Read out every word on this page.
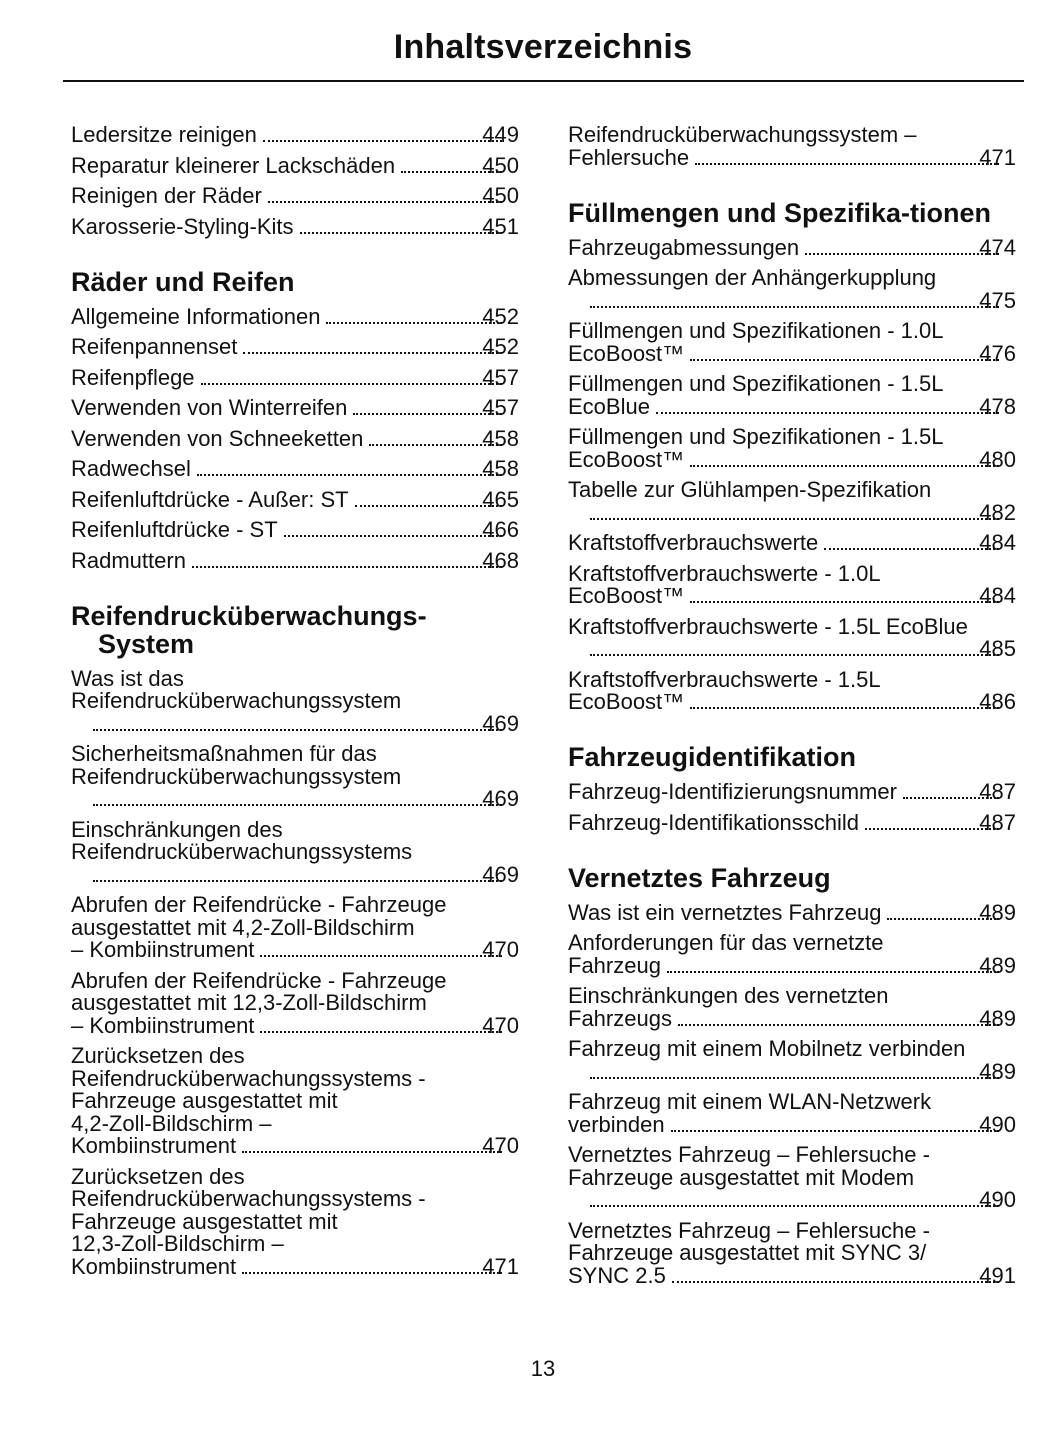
Inhaltsverzeichnis
Ledersitze reinigen	449
Reparatur kleinerer Lackschäden	450
Reinigen der Räder	450
Karosserie-Styling-Kits	451
Räder und Reifen
Allgemeine Informationen	452
Reifenpannenset	452
Reifenpflege	457
Verwenden von Winterreifen	457
Verwenden von Schneeketten	458
Radwechsel	458
Reifenluftdrücke - Außer: ST	465
Reifenluftdrücke - ST	466
Radmuttern	468
Reifendrucküberwachungs-System
Was ist das
Reifendrucküberwachungssystem
469
Sicherheitsmaßnahmen für das
Reifendrucküberwachungssystem
469
Einschränkungen des
Reifendrucküberwachungssystems
469
Abrufen der Reifendrücke - Fahrzeuge
ausgestattet mit 4,2-Zoll-Bildschirm
– Kombiinstrument	470
Abrufen der Reifendrücke - Fahrzeuge
ausgestattet mit 12,3-Zoll-Bildschirm
– Kombiinstrument	470
Zurücksetzen des
Reifendrucküberwachungssystems -
Fahrzeuge ausgestattet mit
4,2-Zoll-Bildschirm –
Kombiinstrument	470
Zurücksetzen des
Reifendrucküberwachungssystems -
Fahrzeuge ausgestattet mit
12,3-Zoll-Bildschirm –
Kombiinstrument	471
Reifendrucküberwachungssystem –
Fehlersuche	471
Füllmengen und Spezifika-tionen
Fahrzeugabmessungen	474
Abmessungen der Anhängerkupplung
475
Füllmengen und Spezifikationen - 1.0L
EcoBoost™	476
Füllmengen und Spezifikationen - 1.5L
EcoBlue	478
Füllmengen und Spezifikationen - 1.5L
EcoBoost™	480
Tabelle zur Glühlampen-Spezifikation
482
Kraftstoffverbrauchswerte	484
Kraftstoffverbrauchswerte - 1.0L
EcoBoost™	484
Kraftstoffverbrauchswerte - 1.5L EcoBlue
485
Kraftstoffverbrauchswerte - 1.5L
EcoBoost™	486
Fahrzeugidentifikation
Fahrzeug-Identifizierungsnummer	487
Fahrzeug-Identifikationsschild	487
Vernetztes Fahrzeug
Was ist ein vernetztes Fahrzeug	489
Anforderungen für das vernetzte
Fahrzeug	489
Einschränkungen des vernetzten
Fahrzeugs	489
Fahrzeug mit einem Mobilnetz verbinden
489
Fahrzeug mit einem WLAN-Netzwerk
verbinden	490
Vernetztes Fahrzeug – Fehlersuche -
Fahrzeuge ausgestattet mit Modem
490
Vernetztes Fahrzeug – Fehlersuche -
Fahrzeuge ausgestattet mit SYNC 3/
SYNC 2.5	491
13
